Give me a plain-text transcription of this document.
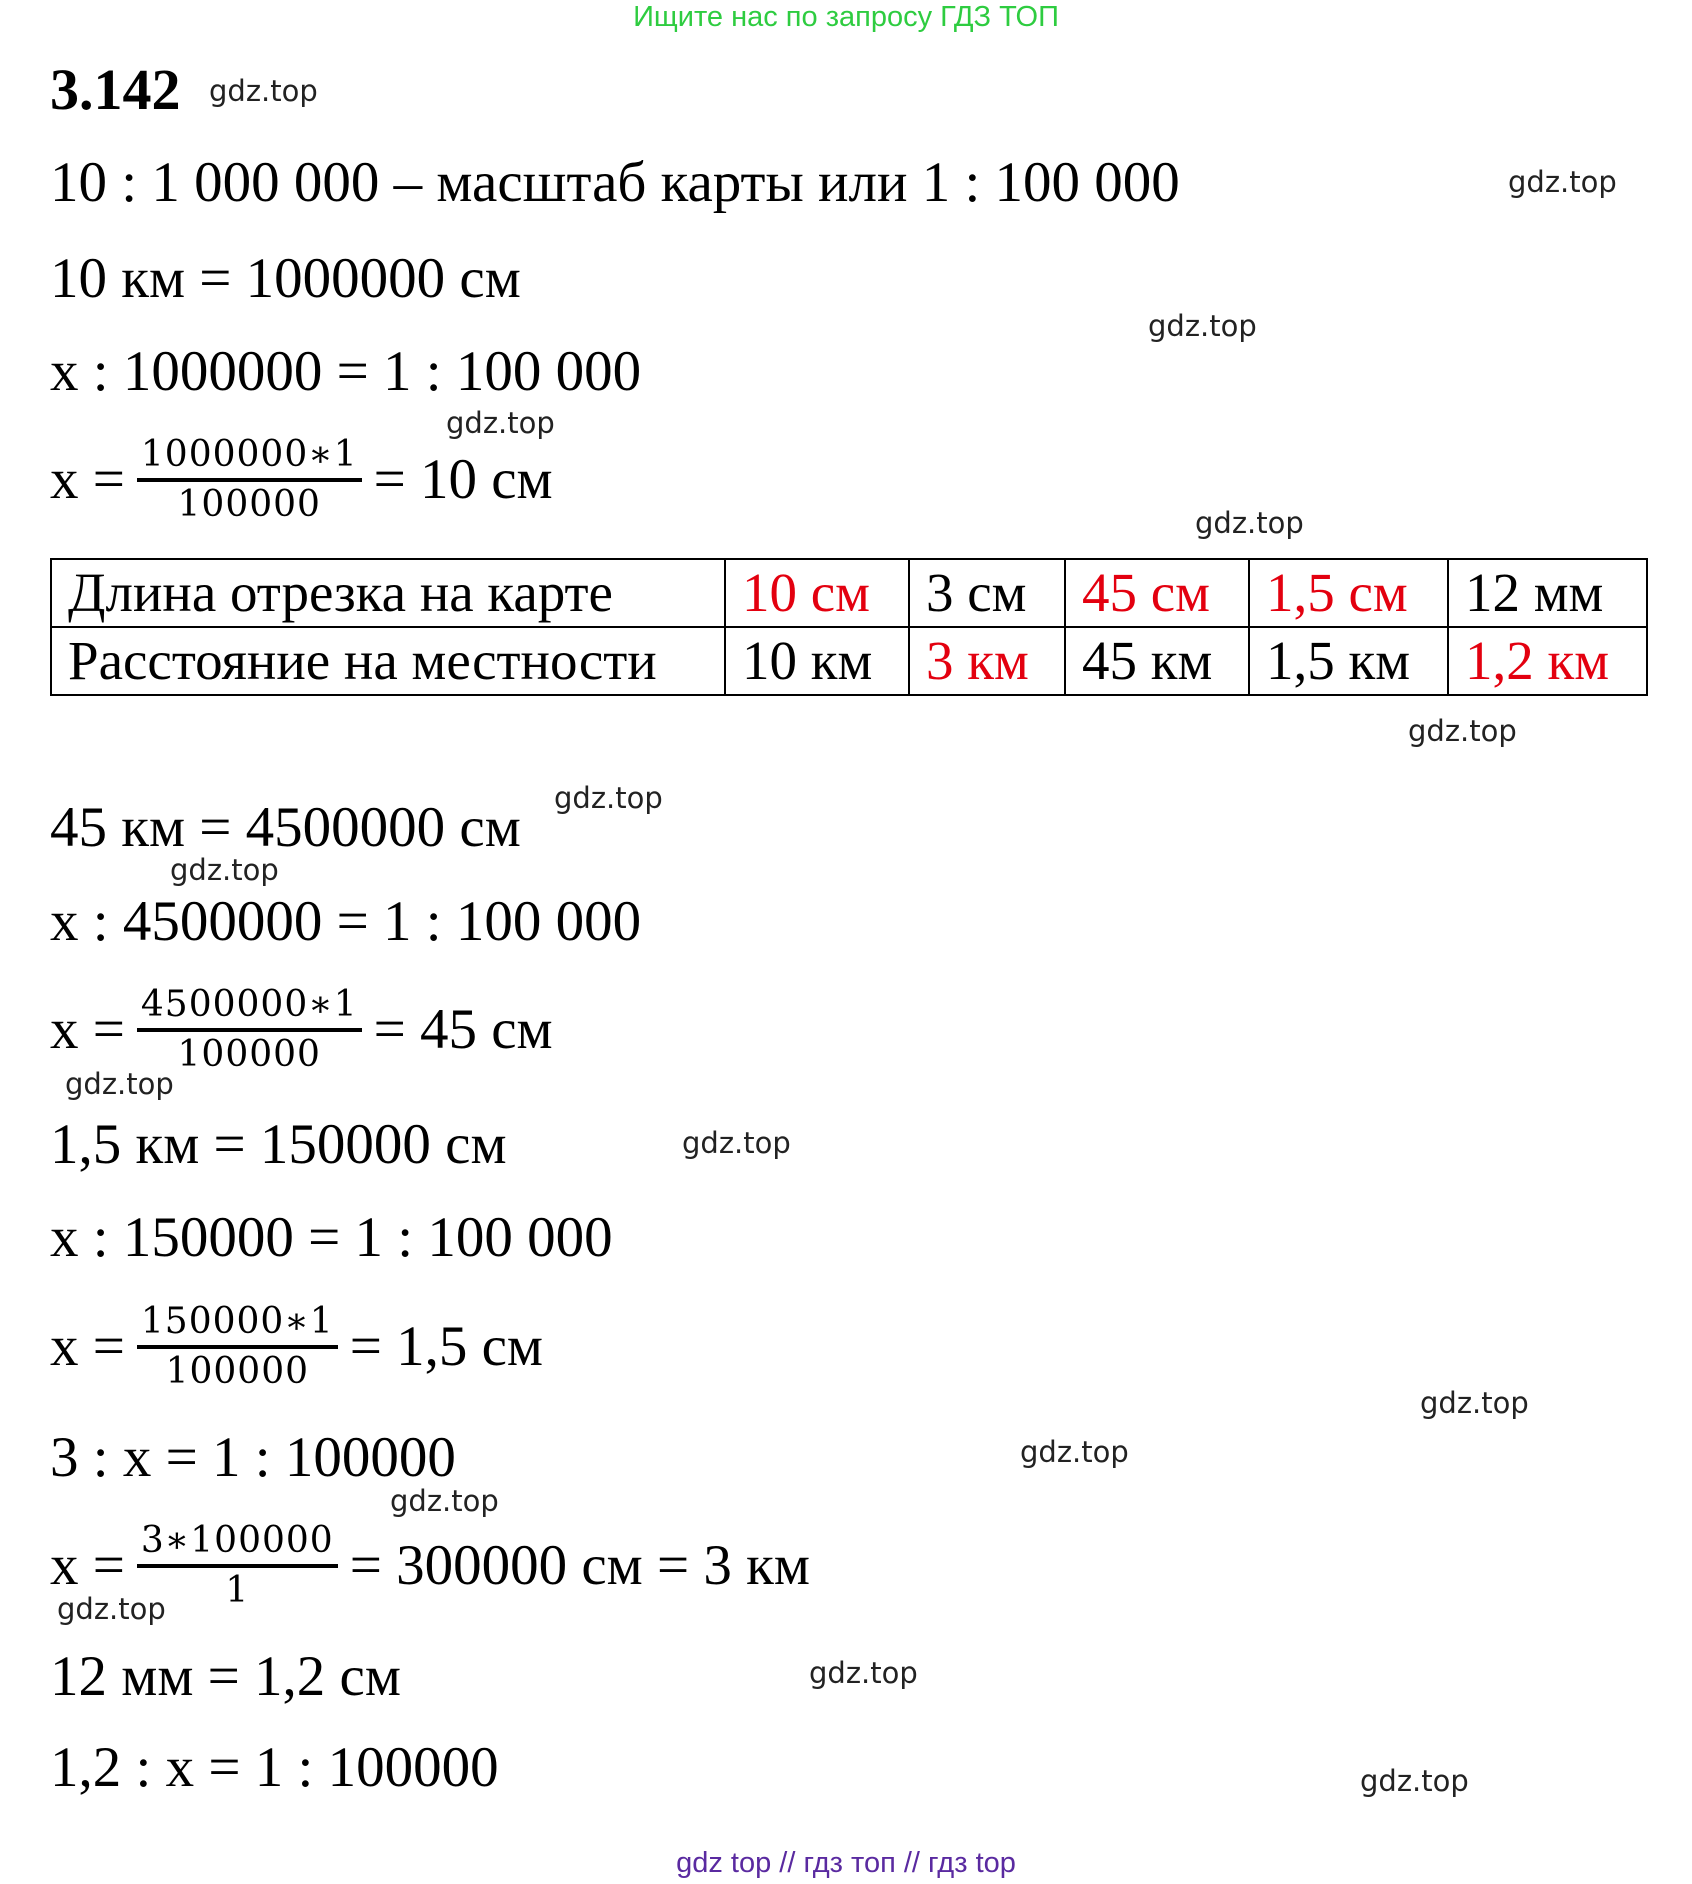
Ищите нас по запросу ГДЗ ТОП
3.142 gdz.top
10 : 1 000 000 – масштаб карты или 1 : 100 000	gdz.top
10 км = 1000000 см
gdz.top
x : 1000000 = 1 : 100 000
gdz.top
$x = \frac{1000000∗1}{100000} = 10$ см
gdz.top
Длина отрезка на карте	10 см	3 см	45 см	1,5 см	12 мм
Расстояние на местности	10 км	3 км	45 км	1,5 км	1,2 км
gdz.top
45 км = 4500000 см gdz.top
gdz.top
x : 4500000 = 1 : 100 000
$x = \frac{4500000∗1}{100000} = 45$ см
gdz.top
1,5 км = 150000 см	gdz.top
x : 150000 = 1 : 100 000
$x = \frac{150000∗1}{100000} = 1,5$ см
gdz.top
3 : x = 1 : 100000	gdz.top
gdz.top
$x = \frac{3∗100000}{1} = 300000$ см = 3 км
gdz.top
12 мм = 1,2 см	gdz.top
1,2 : x = 1 : 100000	gdz.top
gdz top // гдз топ // гдз top
